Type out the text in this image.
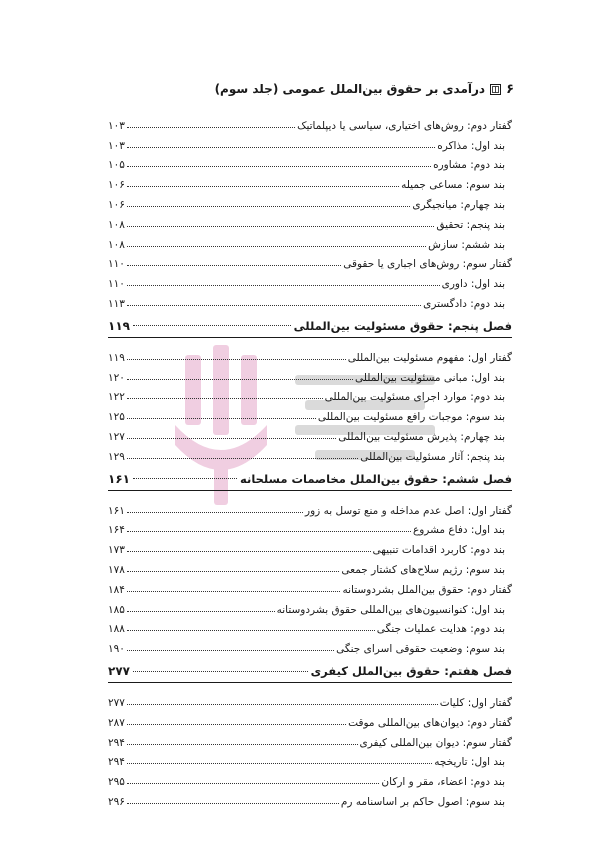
۶
درآمدی بر حقوق بین‌الملل عمومی (جلد سوم)
گفتار دوم: روش‌های اختیاری، سیاسی یا دیپلماتیک
۱۰۳
بند اول: مذاکره
۱۰۳
بند دوم: مشاوره
۱۰۵
بند سوم: مساعی جمیله
۱۰۶
بند چهارم: میانجیگری
۱۰۶
بند پنجم: تحقیق
۱۰۸
بند ششم: سازش
۱۰۸
گفتار سوم: روش‌های اجباری یا حقوقی
۱۱۰
بند اول: داوری
۱۱۰
بند دوم: دادگستری
۱۱۳
فصل پنجم: حقوق مسئولیت بین‌المللی
۱۱۹
گفتار اول: مفهوم مسئولیت بین‌المللی
۱۱۹
بند اول: مبانی مسئولیت بین‌المللی
۱۲۰
بند دوم: موارد اجرای مسئولیت بین‌المللی
۱۲۲
بند سوم: موجبات رافع مسئولیت بین‌المللی
۱۲۵
بند چهارم: پذیرش مسئولیت بین‌المللی
۱۲۷
بند پنجم: آثار مسئولیت بین‌المللی
۱۲۹
فصل ششم: حقوق بین‌الملل مخاصمات مسلحانه
۱۶۱
گفتار اول: اصل عدم مداخله و منع توسل به زور
۱۶۱
بند اول: دفاع مشروع
۱۶۴
بند دوم: کاربرد اقدامات تنبیهی
۱۷۳
بند سوم: رژیم سلاح‌های کشتار جمعی
۱۷۸
گفتار دوم: حقوق بین‌الملل بشردوستانه
۱۸۴
بند اول: کنوانسیون‌های بین‌المللی حقوق بشردوستانه
۱۸۵
بند دوم: هدایت عملیات جنگی
۱۸۸
بند سوم: وضعیت حقوقی اسرای جنگی
۱۹۰
فصل هفتم: حقوق بین‌الملل کیفری
۲۷۷
گفتار اول: کلیات
۲۷۷
گفتار دوم: دیوان‌های بین‌المللی موقت
۲۸۷
گفتار سوم: دیوان بین‌المللی کیفری
۲۹۴
بند اول: تاریخچه
۲۹۴
بند دوم: اعضاء، مقر و ارکان
۲۹۵
بند سوم: اصول حاکم بر اساسنامه رم
۲۹۶
